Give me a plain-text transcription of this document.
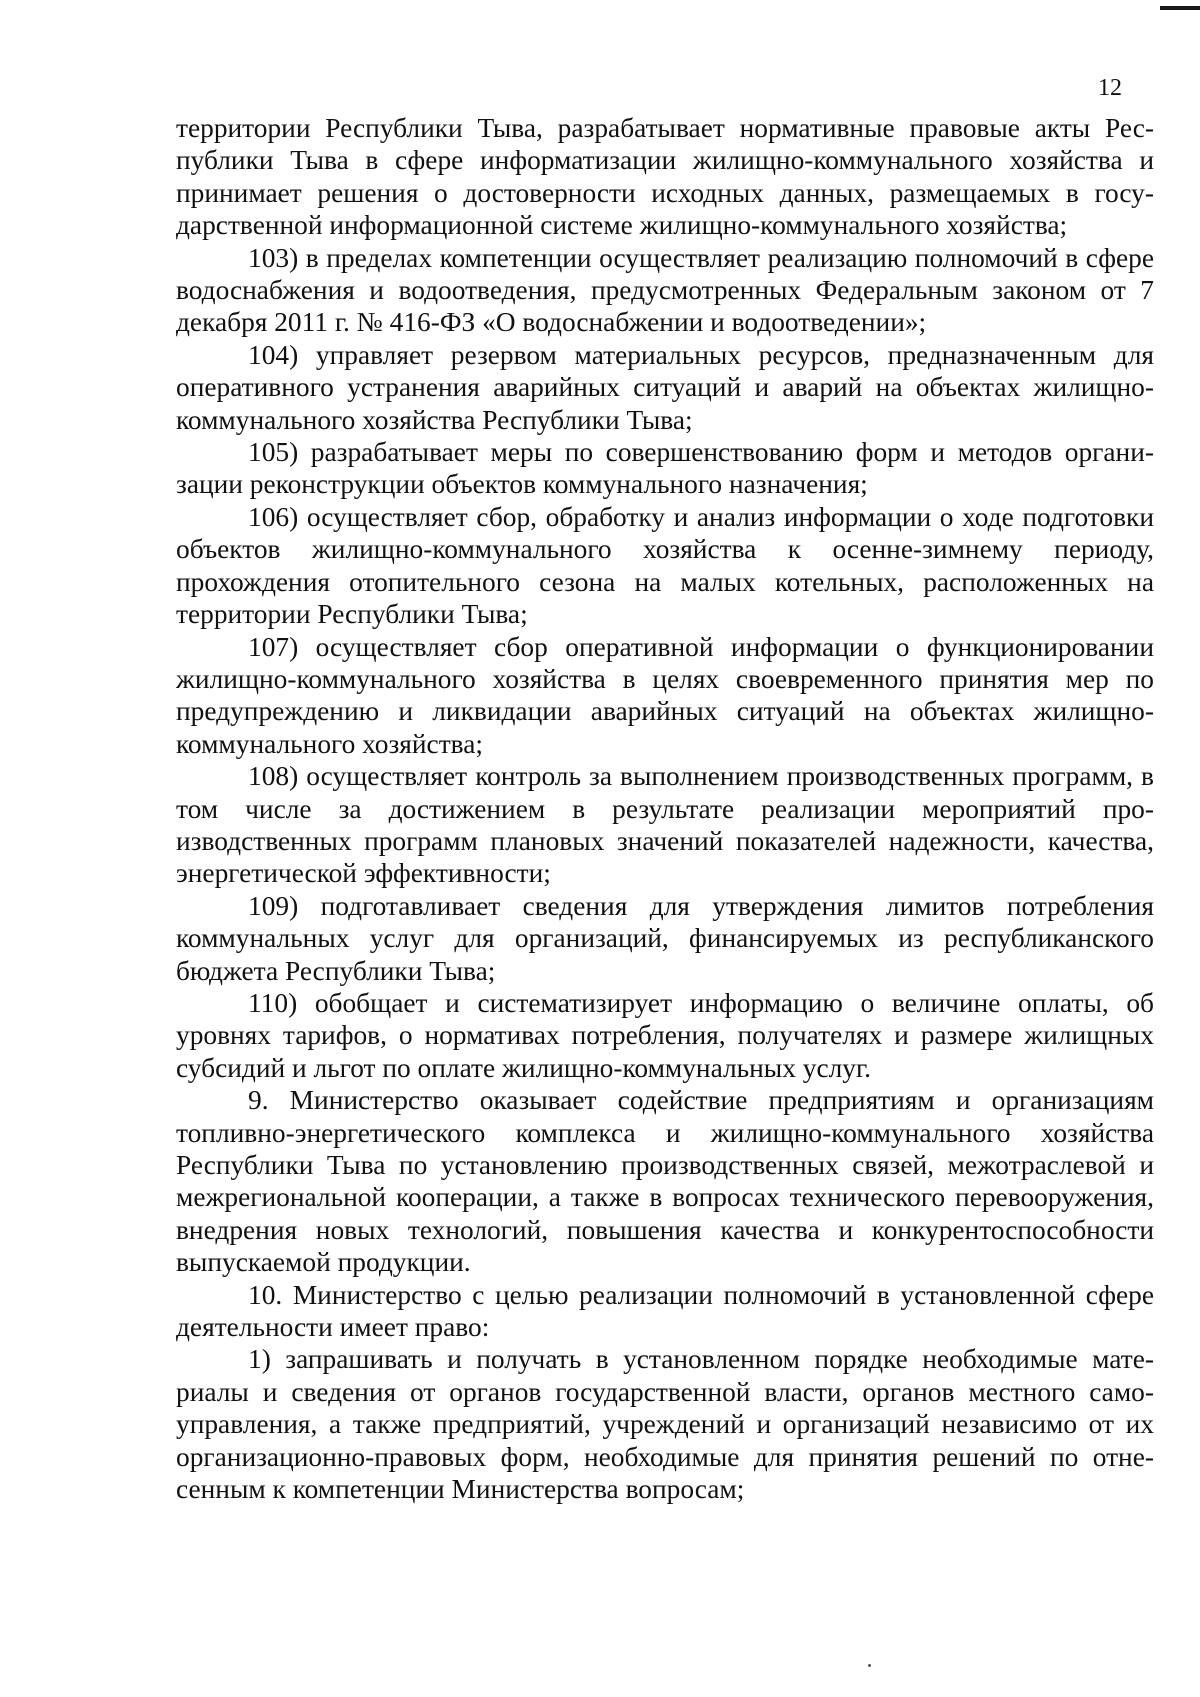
12

территории Республики Тыва, разрабатывает нормативные правовые акты Республики Тыва в сфере информатизации жилищно-коммунального хозяйства и принимает решения о достоверности исходных данных, размещаемых в государственной информационной системе жилищно-коммунального хозяйства;

103) в пределах компетенции осуществляет реализацию полномочий в сфере водоснабжения и водоотведения, предусмотренных Федеральным законом от 7 декабря 2011 г. № 416-ФЗ «О водоснабжении и водоотведении»;

104) управляет резервом материальных ресурсов, предназначенным для оперативного устранения аварийных ситуаций и аварий на объектах жилищно-коммунального хозяйства Республики Тыва;

105) разрабатывает меры по совершенствованию форм и методов организации реконструкции объектов коммунального назначения;

106) осуществляет сбор, обработку и анализ информации о ходе подготовки объектов жилищно-коммунального хозяйства к осенне-зимнему периоду, прохождения отопительного сезона на малых котельных, расположенных на территории Республики Тыва;

107) осуществляет сбор оперативной информации о функционировании жилищно-коммунального хозяйства в целях своевременного принятия мер по предупреждению и ликвидации аварийных ситуаций на объектах жилищно-коммунального хозяйства;

108) осуществляет контроль за выполнением производственных программ, в том числе за достижением в результате реализации мероприятий производственных программ плановых значений показателей надежности, качества, энергетической эффективности;

109) подготавливает сведения для утверждения лимитов потребления коммунальных услуг для организаций, финансируемых из республиканского бюджета Республики Тыва;

110) обобщает и систематизирует информацию о величине оплаты, об уровнях тарифов, о нормативах потребления, получателях и размере жилищных субсидий и льгот по оплате жилищно-коммунальных услуг.

9. Министерство оказывает содействие предприятиям и организациям топливно-энергетического комплекса и жилищно-коммунального хозяйства Республики Тыва по установлению производственных связей, межотраслевой и межрегиональной кооперации, а также в вопросах технического перевооружения, внедрения новых технологий, повышения качества и конкурентоспособности выпускаемой продукции.

10. Министерство с целью реализации полномочий в установленной сфере деятельности имеет право:

1) запрашивать и получать в установленном порядке необходимые материалы и сведения от органов государственной власти, органов местного самоуправления, а также предприятий, учреждений и организаций независимо от их организационно-правовых форм, необходимые для принятия решений по отнесенным к компетенции Министерства вопросам;
